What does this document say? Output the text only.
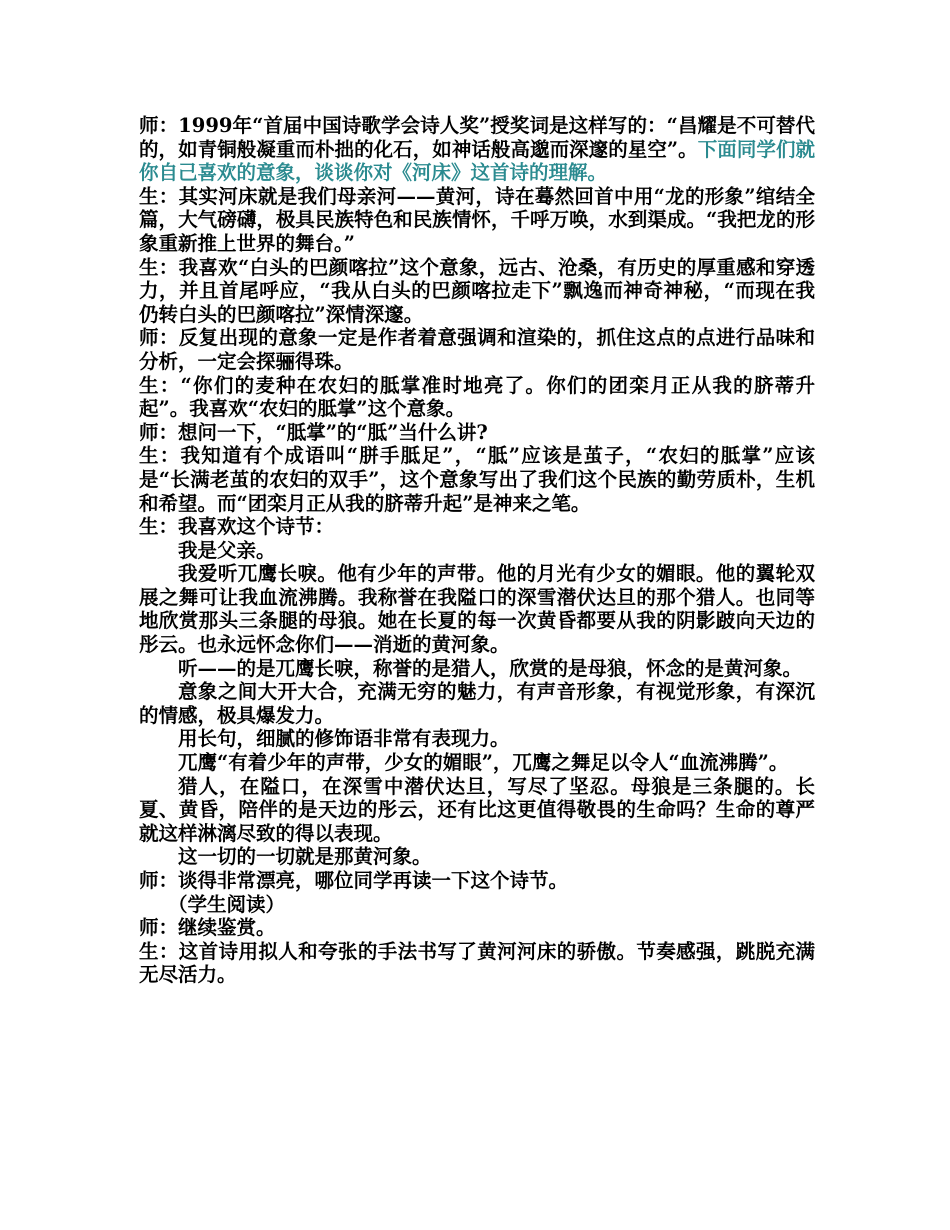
师：1999年“首届中国诗歌学会诗人奖”授奖词是这样写的：“昌耀是不可替代的，如青铜般凝重而朴拙的化石，如神话般高邈而深邃的星空”。下面同学们就你自己喜欢的意象，谈谈你对《河床》这首诗的理解。

生：其实河床就是我们母亲河——黄河，诗在蓦然回首中用“龙的形象”绾结全篇，大气磅礴，极具民族特色和民族情怀，千呼万唤，水到渠成。“我把龙的形象重新推上世界的舞台。”

生：我喜欢“白头的巴颜喀拉”这个意象，远古、沧桑，有历史的厚重感和穿透力，并且首尾呼应，“我从白头的巴颜喀拉走下”飘逸而神奇神秘，“而现在我仍转白头的巴颜喀拉”深情深邃。

师：反复出现的意象一定是作者着意强调和渲染的，抓住这点的点进行品味和分析，一定会探骊得珠。

生：“你们的麦种在农妇的胝掌准时地亮了。你们的团栾月正从我的脐蒂升起”。我喜欢“农妇的胝掌”这个意象。

师：想问一下，“胝掌”的“胝”当什么讲?

生：我知道有个成语叫“胼手胝足”，“胝”应该是茧子，“农妇的胝掌”应该是“长满老茧的农妇的双手”，这个意象写出了我们这个民族的勤劳质朴，生机和希望。而“团栾月正从我的脐蒂升起”是神来之笔。

生：我喜欢这个诗节：

我是父亲。

我爱听兀鹰长唳。他有少年的声带。他的月光有少女的媚眼。他的翼轮双展之舞可让我血流沸腾。我称誉在我隘口的深雪潜伏达旦的那个猎人。也同等地欣赏那头三条腿的母狼。她在长夏的每一次黄昏都要从我的阴影跛向天边的彤云。也永远怀念你们——消逝的黄河象。

听——的是兀鹰长唳，称誉的是猎人，欣赏的是母狼，怀念的是黄河象。

意象之间大开大合，充满无穷的魅力，有声音形象，有视觉形象，有深沉的情感，极具爆发力。

用长句，细腻的修饰语非常有表现力。

兀鹰“有着少年的声带，少女的媚眼”，兀鹰之舞足以令人“血流沸腾”。

猎人，在隘口，在深雪中潜伏达旦，写尽了坚忍。母狼是三条腿的。长夏、黄昏，陪伴的是天边的彤云，还有比这更值得敬畏的生命吗？生命的尊严就这样淋漓尽致的得以表现。

这一切的一切就是那黄河象。

师：谈得非常漂亮，哪位同学再读一下这个诗节。

（学生阅读）

师：继续鉴赏。

生：这首诗用拟人和夸张的手法书写了黄河河床的骄傲。节奏感强，跳脱充满无尽活力。
